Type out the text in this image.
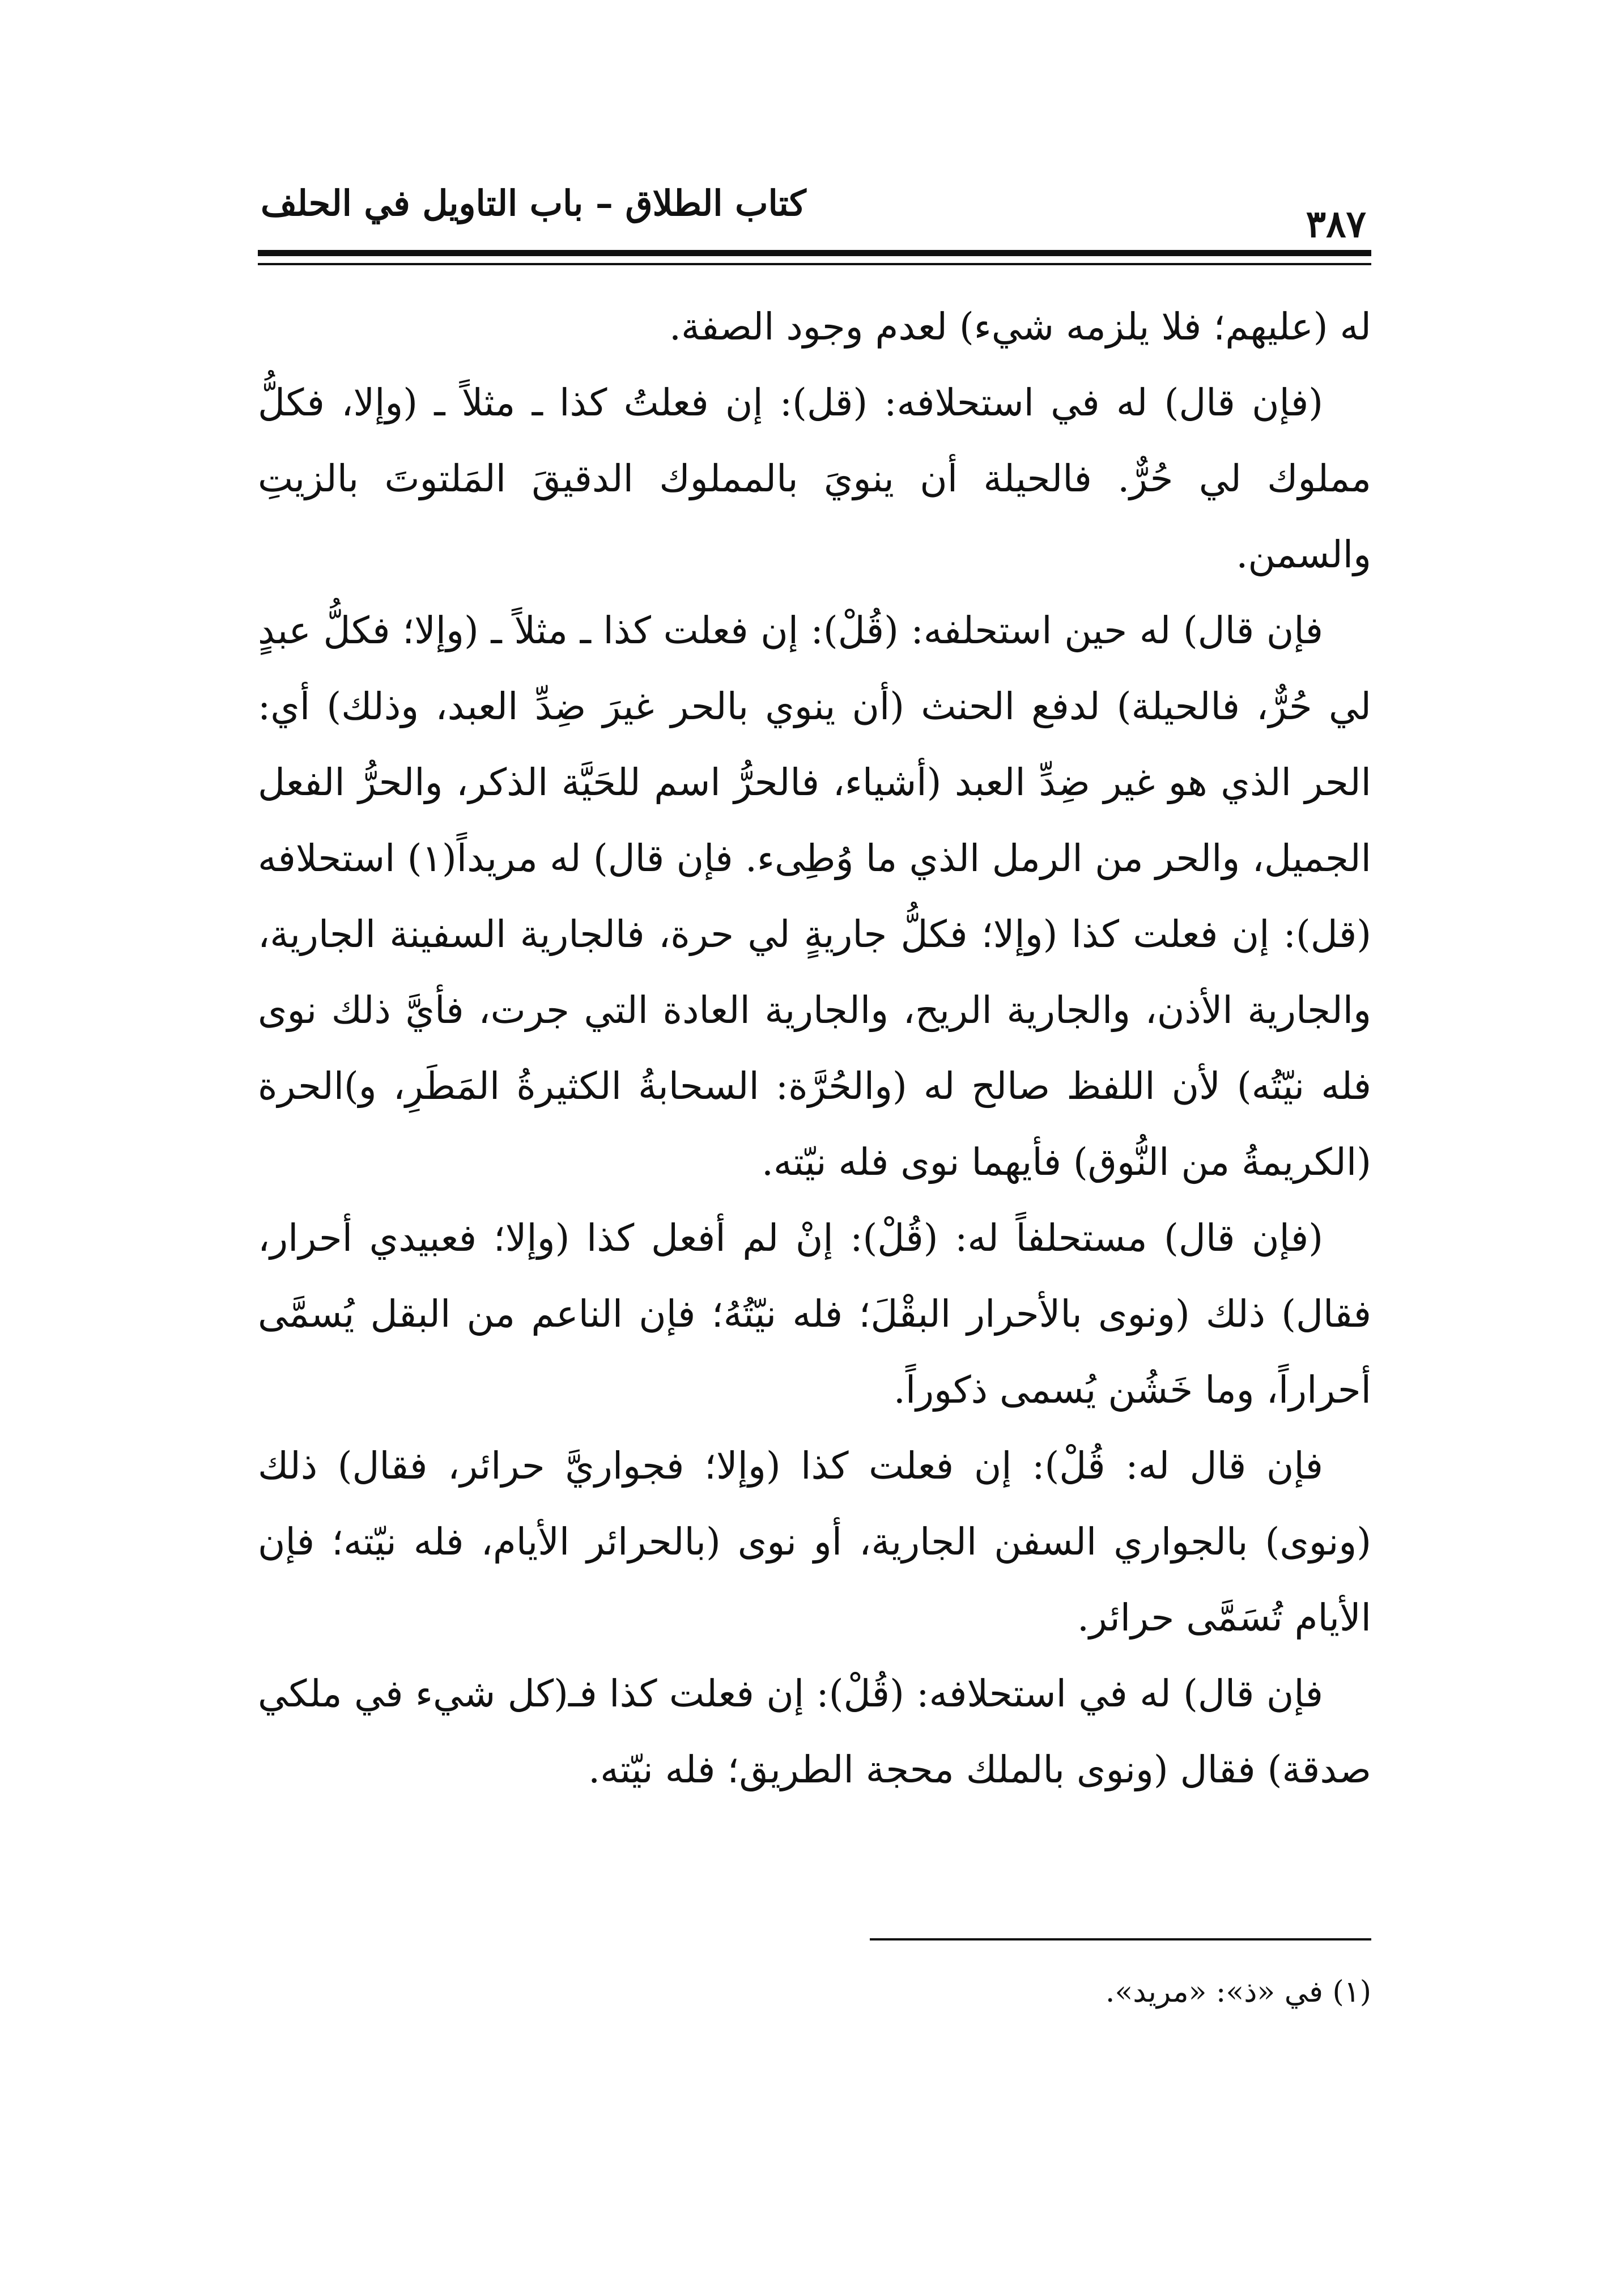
كتاب الطلاق – باب التاويل في الحلف	٣٨٧

له (عليهم؛ فلا يلزمه شيء) لعدم وجود الصفة.

(فإن قال) له في استحلافه: (قل): إن فعلتُ كذا ـ مثلاً ـ (وإلا، فكلُّ مملوك لي حُرٌّ. فالحيلة أن ينويَ بالمملوك الدقيقَ المَلتوتَ بالزيتِ والسمن.

فإن قال) له حين استحلفه: (قُلْ): إن فعلت كذا ـ مثلاً ـ (وإلا؛ فكلُّ عبدٍ لي حُرٌّ، فالحيلة) لدفع الحنث (أن ينوي بالحر غيرَ ضِدِّ العبد، وذلك) أي: الحر الذي هو غير ضِدِّ العبد (أشياء، فالحرُّ اسم للحَيَّة الذكر، والحرُّ الفعل الجميل، والحر من الرمل الذي ما وُطِىء. فإن قال) له مريداً(١) استحلافه (قل): إن فعلت كذا (وإلا؛ فكلُّ جاريةٍ لي حرة، فالجارية السفينة الجارية، والجارية الأذن، والجارية الريح، والجارية العادة التي جرت، فأيَّ ذلك نوى فله نيّتُه) لأن اللفظ صالح له (والحُرَّة: السحابةُ الكثيرةُ المَطَرِ، و)الحرة (الكريمةُ من النُّوق) فأيهما نوى فله نيّته.

(فإن قال) مستحلفاً له: (قُلْ): إنْ لم أفعل كذا (وإلا؛ فعبيدي أحرار، فقال) ذلك (ونوى بالأحرار البقْلَ؛ فله نيّتُهُ؛ فإن الناعم من البقل يُسمَّى أحراراً، وما خَشُن يُسمى ذكوراً.

فإن قال له: قُلْ): إن فعلت كذا (وإلا؛ فجواريَّ حرائر، فقال) ذلك (ونوى) بالجواري السفن الجارية، أو نوى (بالحرائر الأيام، فله نيّته؛ فإن الأيام تُسَمَّى حرائر.

فإن قال) له في استحلافه: (قُلْ): إن فعلت كذا فـ(كل شيء في ملكي صدقة) فقال (ونوى بالملك محجة الطريق؛ فله نيّته.

(١) في «ذ»: «مريد».
